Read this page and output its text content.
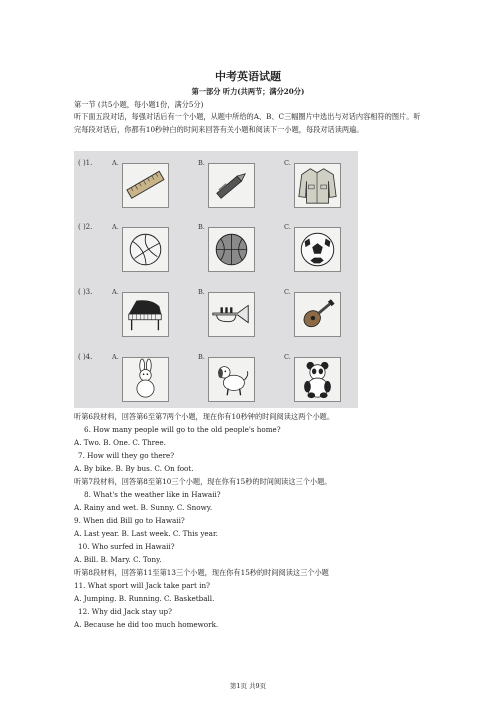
中考英语试题
第一部分 听力(共两节；满分20分)
第一节 (共5小题，每小题1份，满分5分)
听下面五段对话，每强对话后有一个小题，从题中所给的A、B、C三幅圈片中选出与对话内容相符的图片。听完每段对话后，你都有10秒钟白的时间来回答有关小题和阅读下一小题，每段对话读两遍。
( )1.	A.	B.	C.
( )2.	A.	B.	C.
( )3.	A.	B.	C.
( )4.	A.	B.	C.
听第6段材料，回答第6至第7两个小题，现在你有10秒钟的时间阅读这两个小题。
6. How many people will go to the old people's home?
A. Two. B. One. C. Three.
7. How will they go there?
A. By bike. B. By bus. C. On foot.
听第7段材料，回答第8至第10三个小题，现在你有15秒的时间阅读这三个小题。
8. What's the weather like in Hawaii?
A. Rainy and wet. B. Sunny. C. Snowy.
9. When did Bill go to Hawaii?
A. Last year. B. Last week. C. This year.
10. Who surfed in Hawaii?
A. Bill. B. Mary. C. Tony.
听第8段材料，回答第11至第13三个小题，现在你有15秒的时间阅读这三个小题
11. What sport will Jack take part in?
A. Jumping. B. Running. C. Basketball.
12. Why did Jack stay up?
A. Because he did too much homework.
第1页 共9页
